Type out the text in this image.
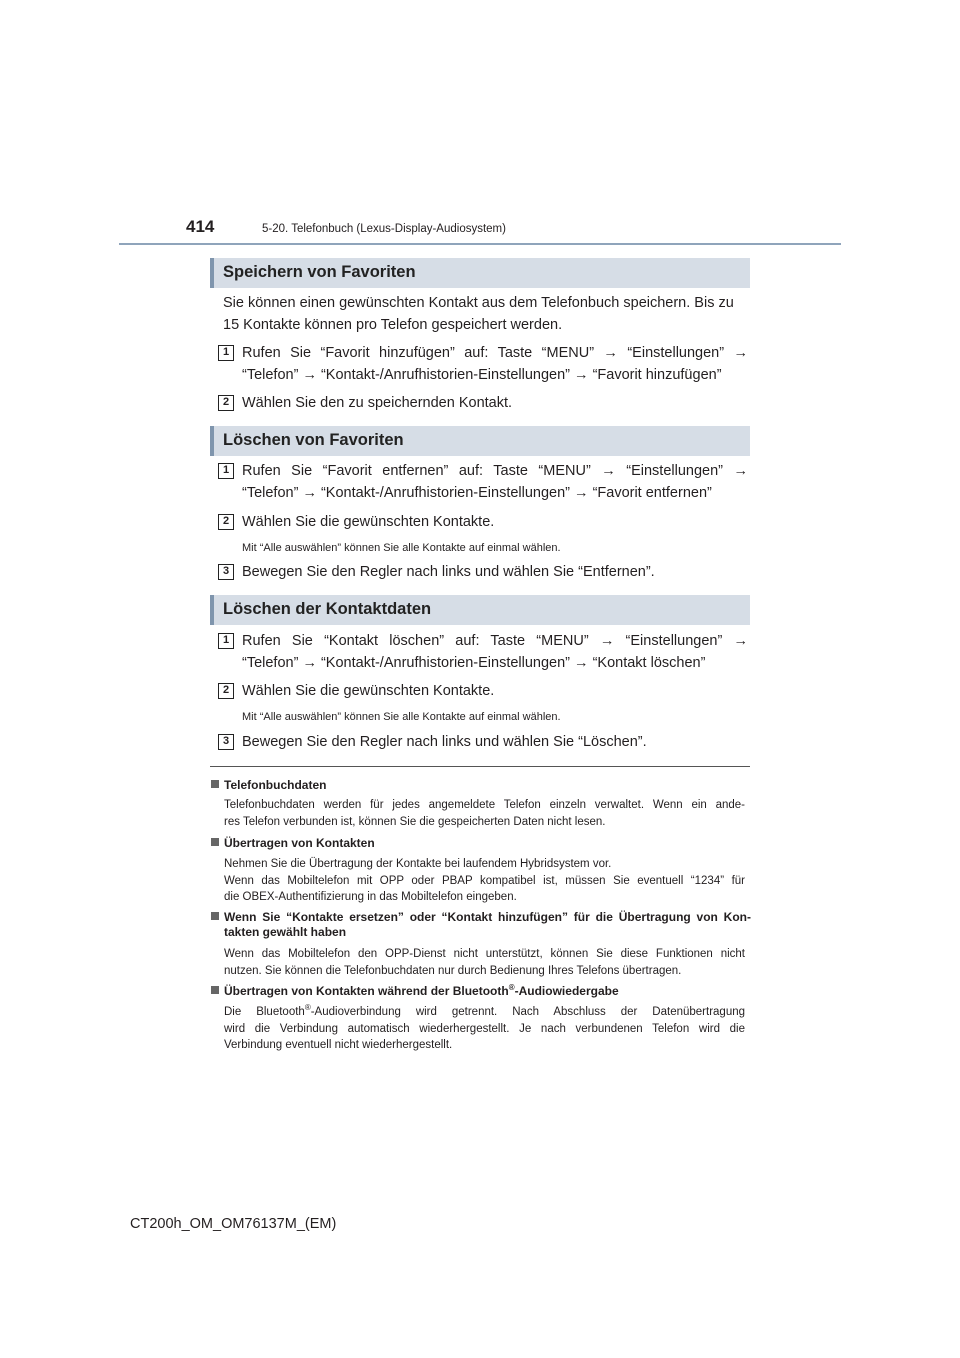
414	5-20. Telefonbuch (Lexus-Display-Audiosystem)
Speichern von Favoriten
Sie können einen gewünschten Kontakt aus dem Telefonbuch speichern. Bis zu
15 Kontakte können pro Telefon gespeichert werden.
1 Rufen Sie “Favorit hinzufügen” auf: Taste “MENU” → “Einstellungen” →
“Telefon” → “Kontakt-/Anrufhistorien-Einstellungen” → “Favorit hinzufügen”
2 Wählen Sie den zu speichernden Kontakt.
Löschen von Favoriten
1 Rufen Sie “Favorit entfernen” auf: Taste “MENU” → “Einstellungen” →
“Telefon” → “Kontakt-/Anrufhistorien-Einstellungen” → “Favorit entfernen”
2 Wählen Sie die gewünschten Kontakte.
Mit “Alle auswählen” können Sie alle Kontakte auf einmal wählen.
3 Bewegen Sie den Regler nach links und wählen Sie “Entfernen”.
Löschen der Kontaktdaten
1 Rufen Sie “Kontakt löschen” auf: Taste “MENU” → “Einstellungen” →
“Telefon” → “Kontakt-/Anrufhistorien-Einstellungen” → “Kontakt löschen”
2 Wählen Sie die gewünschten Kontakte.
Mit “Alle auswählen” können Sie alle Kontakte auf einmal wählen.
3 Bewegen Sie den Regler nach links und wählen Sie “Löschen”.
Telefonbuchdaten
Telefonbuchdaten werden für jedes angemeldete Telefon einzeln verwaltet. Wenn ein ande-
res Telefon verbunden ist, können Sie die gespeicherten Daten nicht lesen.
Übertragen von Kontakten
Nehmen Sie die Übertragung der Kontakte bei laufendem Hybridsystem vor.
Wenn das Mobiltelefon mit OPP oder PBAP kompatibel ist, müssen Sie eventuell “1234” für
die OBEX-Authentifizierung in das Mobiltelefon eingeben.
Wenn Sie “Kontakte ersetzen” oder “Kontakt hinzufügen” für die Übertragung von Kon-
takten gewählt haben
Wenn das Mobiltelefon den OPP-Dienst nicht unterstützt, können Sie diese Funktionen nicht
nutzen. Sie können die Telefonbuchdaten nur durch Bedienung Ihres Telefons übertragen.
Übertragen von Kontakten während der Bluetooth®-Audiowiedergabe
Die Bluetooth®-Audioverbindung wird getrennt. Nach Abschluss der Datenübertragung
wird die Verbindung automatisch wiederhergestellt. Je nach verbundenen Telefon wird die
Verbindung eventuell nicht wiederhergestellt.
CT200h_OM_OM76137M_(EM)
